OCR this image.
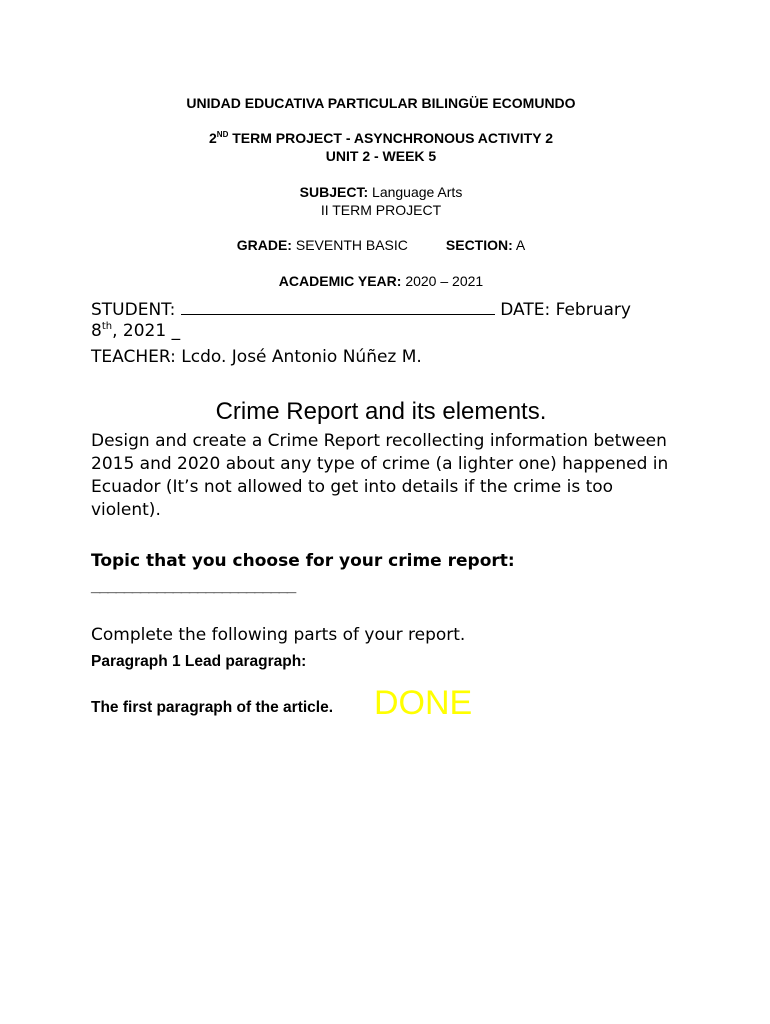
UNIDAD EDUCATIVA PARTICULAR BILINGÜE ECOMUNDO
2ND TERM PROJECT - ASYNCHRONOUS ACTIVITY 2
UNIT 2 - WEEK 5
SUBJECT: Language Arts
II TERM PROJECT
GRADE: SEVENTH BASIC	SECTION: A
ACADEMIC YEAR: 2020 – 2021
STUDENT:	DATE: February
8th, 2021 _
TEACHER: Lcdo. José Antonio Núñez M.
Crime Report and its elements.
Design and create a Crime Report recollecting information between 2015 and 2020 about any type of crime (a lighter one) happened in Ecuador (It’s not allowed to get into details if the crime is too violent).
Topic that you choose for your crime report:
_________________________
Complete the following parts of your report.
Paragraph 1 Lead paragraph:
The first paragraph of the article. DONE
